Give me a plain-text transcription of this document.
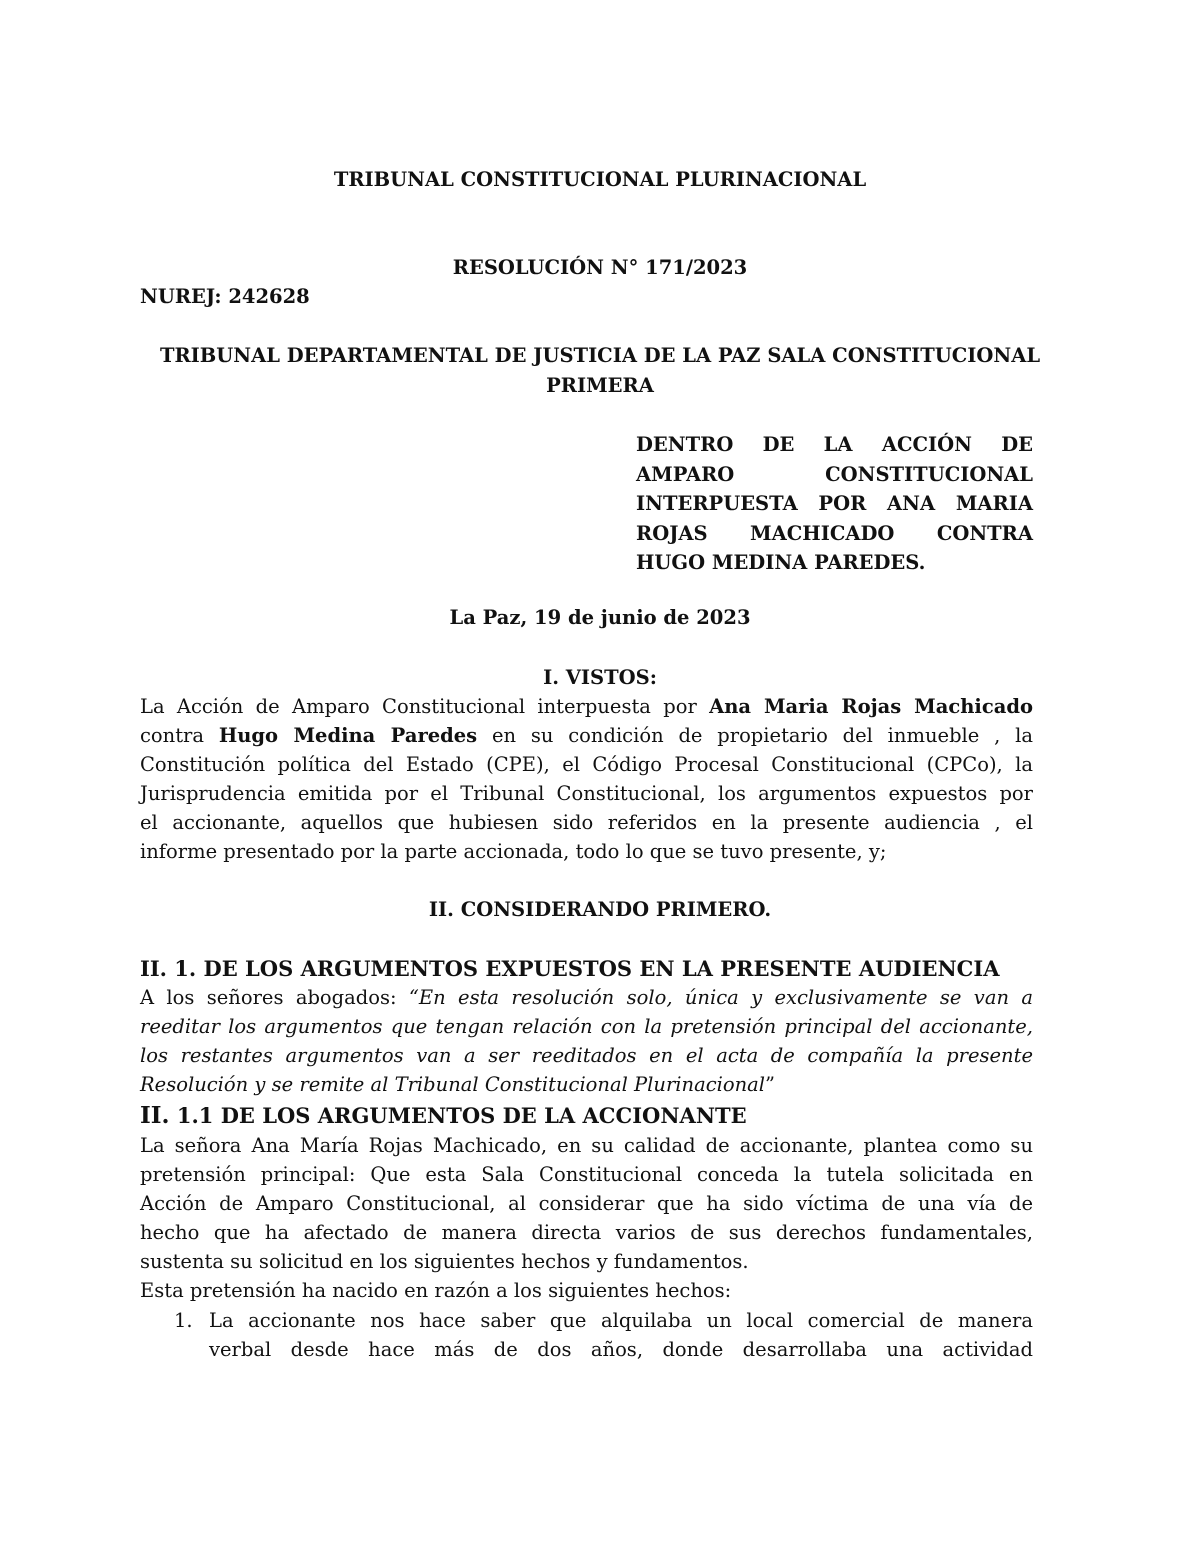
TRIBUNAL CONSTITUCIONAL PLURINACIONAL

RESOLUCIÓN N° 171/2023

NUREJ: 242628

TRIBUNAL DEPARTAMENTAL DE JUSTICIA DE LA PAZ SALA CONSTITUCIONAL

PRIMERA

DENTRO DE LA ACCIÓN DE
AMPARO CONSTITUCIONAL
INTERPUESTA POR ANA MARIA
ROJAS MACHICADO CONTRA
HUGO MEDINA PAREDES.

La Paz, 19 de junio de 2023

I. VISTOS:

La Acción de Amparo Constitucional interpuesta por Ana Maria Rojas Machicado
contra Hugo Medina Paredes en su condición de propietario del inmueble , la
Constitución política del Estado (CPE), el Código Procesal Constitucional (CPCo), la
Jurisprudencia emitida por el Tribunal Constitucional, los argumentos expuestos por
el accionante, aquellos que hubiesen sido referidos en la presente audiencia , el
informe presentado por la parte accionada, todo lo que se tuvo presente, y;

II. CONSIDERANDO PRIMERO.

II. 1. DE LOS ARGUMENTOS EXPUESTOS EN LA PRESENTE AUDIENCIA

A los señores abogados: “En esta resolución solo, única y exclusivamente se van a
reeditar los argumentos que tengan relación con la pretensión principal del accionante,
los restantes argumentos van a ser reeditados en el acta de compañía la presente
Resolución y se remite al Tribunal Constitucional Plurinacional”

II. 1.1 DE LOS ARGUMENTOS DE LA ACCIONANTE

La señora Ana María Rojas Machicado, en su calidad de accionante, plantea como su
pretensión principal: Que esta Sala Constitucional conceda la tutela solicitada en
Acción de Amparo Constitucional, al considerar que ha sido víctima de una vía de
hecho que ha afectado de manera directa varios de sus derechos fundamentales,
sustenta su solicitud en los siguientes hechos y fundamentos.
Esta pretensión ha nacido en razón a los siguientes hechos:
1. La accionante nos hace saber que alquilaba un local comercial de manera
verbal desde hace más de dos años, donde desarrollaba una actividad
